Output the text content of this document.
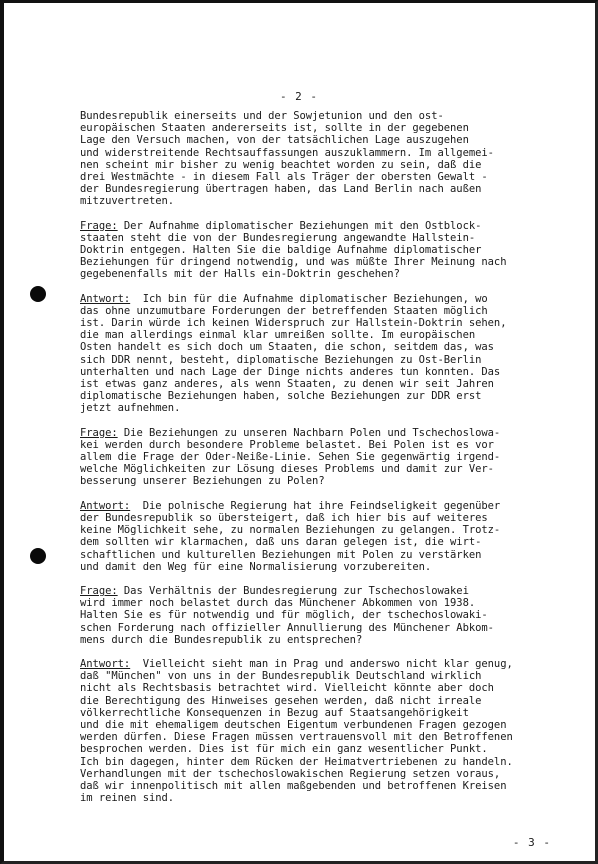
- 2 -
Bundesrepublik einerseits und der Sowjetunion und den ost-
europäischen Staaten andererseits ist, sollte in der gegebenen
Lage den Versuch machen, von der tatsächlichen Lage auszugehen
und widerstreitende Rechtsauffassungen auszuklammern. Im allgemei-
nen scheint mir bisher zu wenig beachtet worden zu sein, daß die
drei Westmächte - in diesem Fall als Träger der obersten Gewalt -
der Bundesregierung übertragen haben, das Land Berlin nach außen
mitzuvertreten.
Frage: Der Aufnahme diplomatischer Beziehungen mit den Ostblock-
staaten steht die von der Bundesregierung angewandte Hallstein-
Doktrin entgegen. Halten Sie die baldige Aufnahme diplomatischer
Beziehungen für dringend notwendig, und was müßte Ihrer Meinung nach
gegebenenfalls mit der Halls ein-Doktrin geschehen?
Antwort:  Ich bin für die Aufnahme diplomatischer Beziehungen, wo
das ohne unzumutbare Forderungen der betreffenden Staaten möglich
ist. Darin würde ich keinen Widerspruch zur Hallstein-Doktrin sehen,
die man allerdings einmal klar umreißen sollte. Im europäischen
Osten handelt es sich doch um Staaten, die schon, seitdem das, was
sich DDR nennt, besteht, diplomatische Beziehungen zu Ost-Berlin
unterhalten und nach Lage der Dinge nichts anderes tun konnten. Das
ist etwas ganz anderes, als wenn Staaten, zu denen wir seit Jahren
diplomatische Beziehungen haben, solche Beziehungen zur DDR erst
jetzt aufnehmen.
Frage: Die Beziehungen zu unseren Nachbarn Polen und Tschechoslowa-
kei werden durch besondere Probleme belastet. Bei Polen ist es vor
allem die Frage der Oder-Neiße-Linie. Sehen Sie gegenwärtig irgend-
welche Möglichkeiten zur Lösung dieses Problems und damit zur Ver-
besserung unserer Beziehungen zu Polen?
Antwort:  Die polnische Regierung hat ihre Feindseligkeit gegenüber
der Bundesrepublik so übersteigert, daß ich hier bis auf weiteres
keine Möglichkeit sehe, zu normalen Beziehungen zu gelangen. Trotz-
dem sollten wir klarmachen, daß uns daran gelegen ist, die wirt-
schaftlichen und kulturellen Beziehungen mit Polen zu verstärken
und damit den Weg für eine Normalisierung vorzubereiten.
Frage: Das Verhältnis der Bundesregierung zur Tschechoslowakei
wird immer noch belastet durch das Münchener Abkommen von 1938.
Halten Sie es für notwendig und für möglich, der tschechoslowaki-
schen Forderung nach offizieller Annullierung des Münchener Abkom-
mens durch die Bundesrepublik zu entsprechen?
Antwort:  Vielleicht sieht man in Prag und anderswo nicht klar genug,
daß "München" von uns in der Bundesrepublik Deutschland wirklich
nicht als Rechtsbasis betrachtet wird. Vielleicht könnte aber doch
die Berechtigung des Hinweises gesehen werden, daß nicht irreale
völkerrechtliche Konsequenzen in Bezug auf Staatsangehörigkeit
und die mit ehemaligem deutschen Eigentum verbundenen Fragen gezogen
werden dürfen. Diese Fragen müssen vertrauensvoll mit den Betroffenen
besprochen werden. Dies ist für mich ein ganz wesentlicher Punkt.
Ich bin dagegen, hinter dem Rücken der Heimatvertriebenen zu handeln.
Verhandlungen mit der tschechoslowakischen Regierung setzen voraus,
daß wir innenpolitisch mit allen maßgebenden und betroffenen Kreisen
im reinen sind.
- 3 -
